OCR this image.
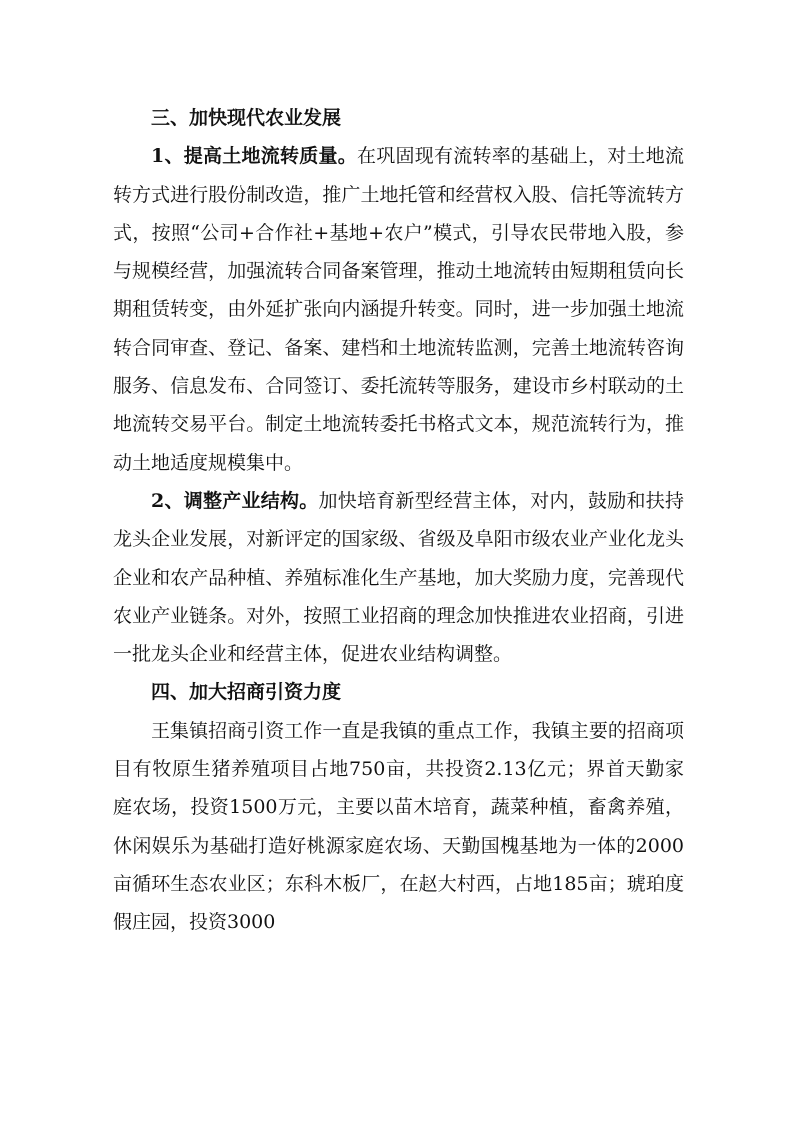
三、加快现代农业发展

1、提高土地流转质量。在巩固现有流转率的基础上，对土地流转方式进行股份制改造，推广土地托管和经营权入股、信托等流转方式，按照“公司+合作社+基地+农户”模式，引导农民带地入股，参与规模经营，加强流转合同备案管理，推动土地流转由短期租赁向长期租赁转变，由外延扩张向内涵提升转变。同时，进一步加强土地流转合同审查、登记、备案、建档和土地流转监测，完善土地流转咨询服务、信息发布、合同签订、委托流转等服务，建设市乡村联动的土地流转交易平台。制定土地流转委托书格式文本，规范流转行为，推动土地适度规模集中。

2、调整产业结构。加快培育新型经营主体，对内，鼓励和扶持龙头企业发展，对新评定的国家级、省级及阜阳市级农业产业化龙头企业和农产品种植、养殖标准化生产基地，加大奖励力度，完善现代农业产业链条。对外，按照工业招商的理念加快推进农业招商，引进一批龙头企业和经营主体，促进农业结构调整。

四、加大招商引资力度

王集镇招商引资工作一直是我镇的重点工作，我镇主要的招商项目有牧原生猪养殖项目占地750亩，共投资2.13亿元；界首天勤家庭农场，投资1500万元，主要以苗木培育，蔬菜种植，畜禽养殖，休闲娱乐为基础打造好桃源家庭农场、天勤国槐基地为一体的2000亩循环生态农业区；东科木板厂，在赵大村西，占地185亩；琥珀度假庄园，投资3000
